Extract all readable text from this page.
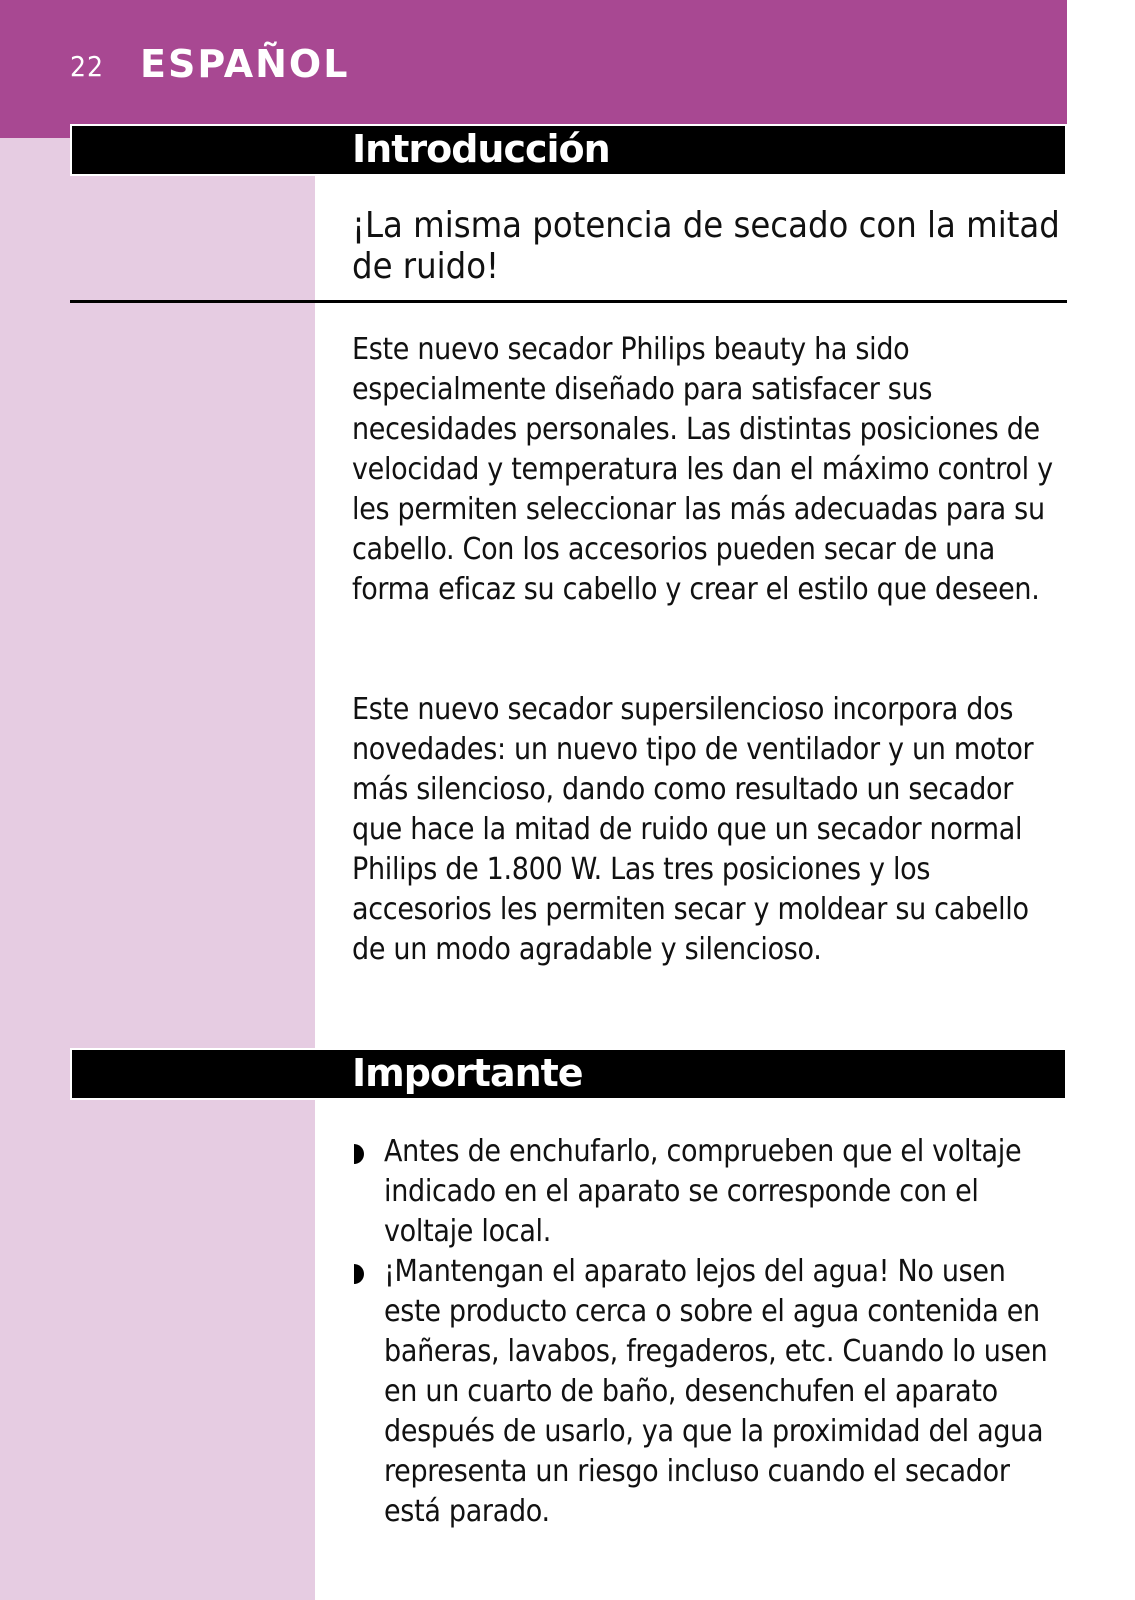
22 ESPAÑOL
Introducción
¡La misma potencia de secado con la mitad de ruido!

Este nuevo secador Philips beauty ha sido especialmente diseñado para satisfacer sus necesidades personales. Las distintas posiciones de velocidad y temperatura les dan el máximo control y les permiten seleccionar las más adecuadas para su cabello. Con los accesorios pueden secar de una forma eficaz su cabello y crear el estilo que deseen.

Este nuevo secador supersilencioso incorpora dos novedades: un nuevo tipo de ventilador y un motor más silencioso, dando como resultado un secador que hace la mitad de ruido que un secador normal Philips de 1.800 W. Las tres posiciones y los accesorios les permiten secar y moldear su cabello de un modo agradable y silencioso.

Importante
Antes de enchufarlo, comprueben que el voltaje indicado en el aparato se corresponde con el voltaje local.
¡Mantengan el aparato lejos del agua! No usen este producto cerca o sobre el agua contenida en bañeras, lavabos, fregaderos, etc. Cuando lo usen en un cuarto de baño, desenchufen el aparato después de usarlo, ya que la proximidad del agua representa un riesgo incluso cuando el secador está parado.
